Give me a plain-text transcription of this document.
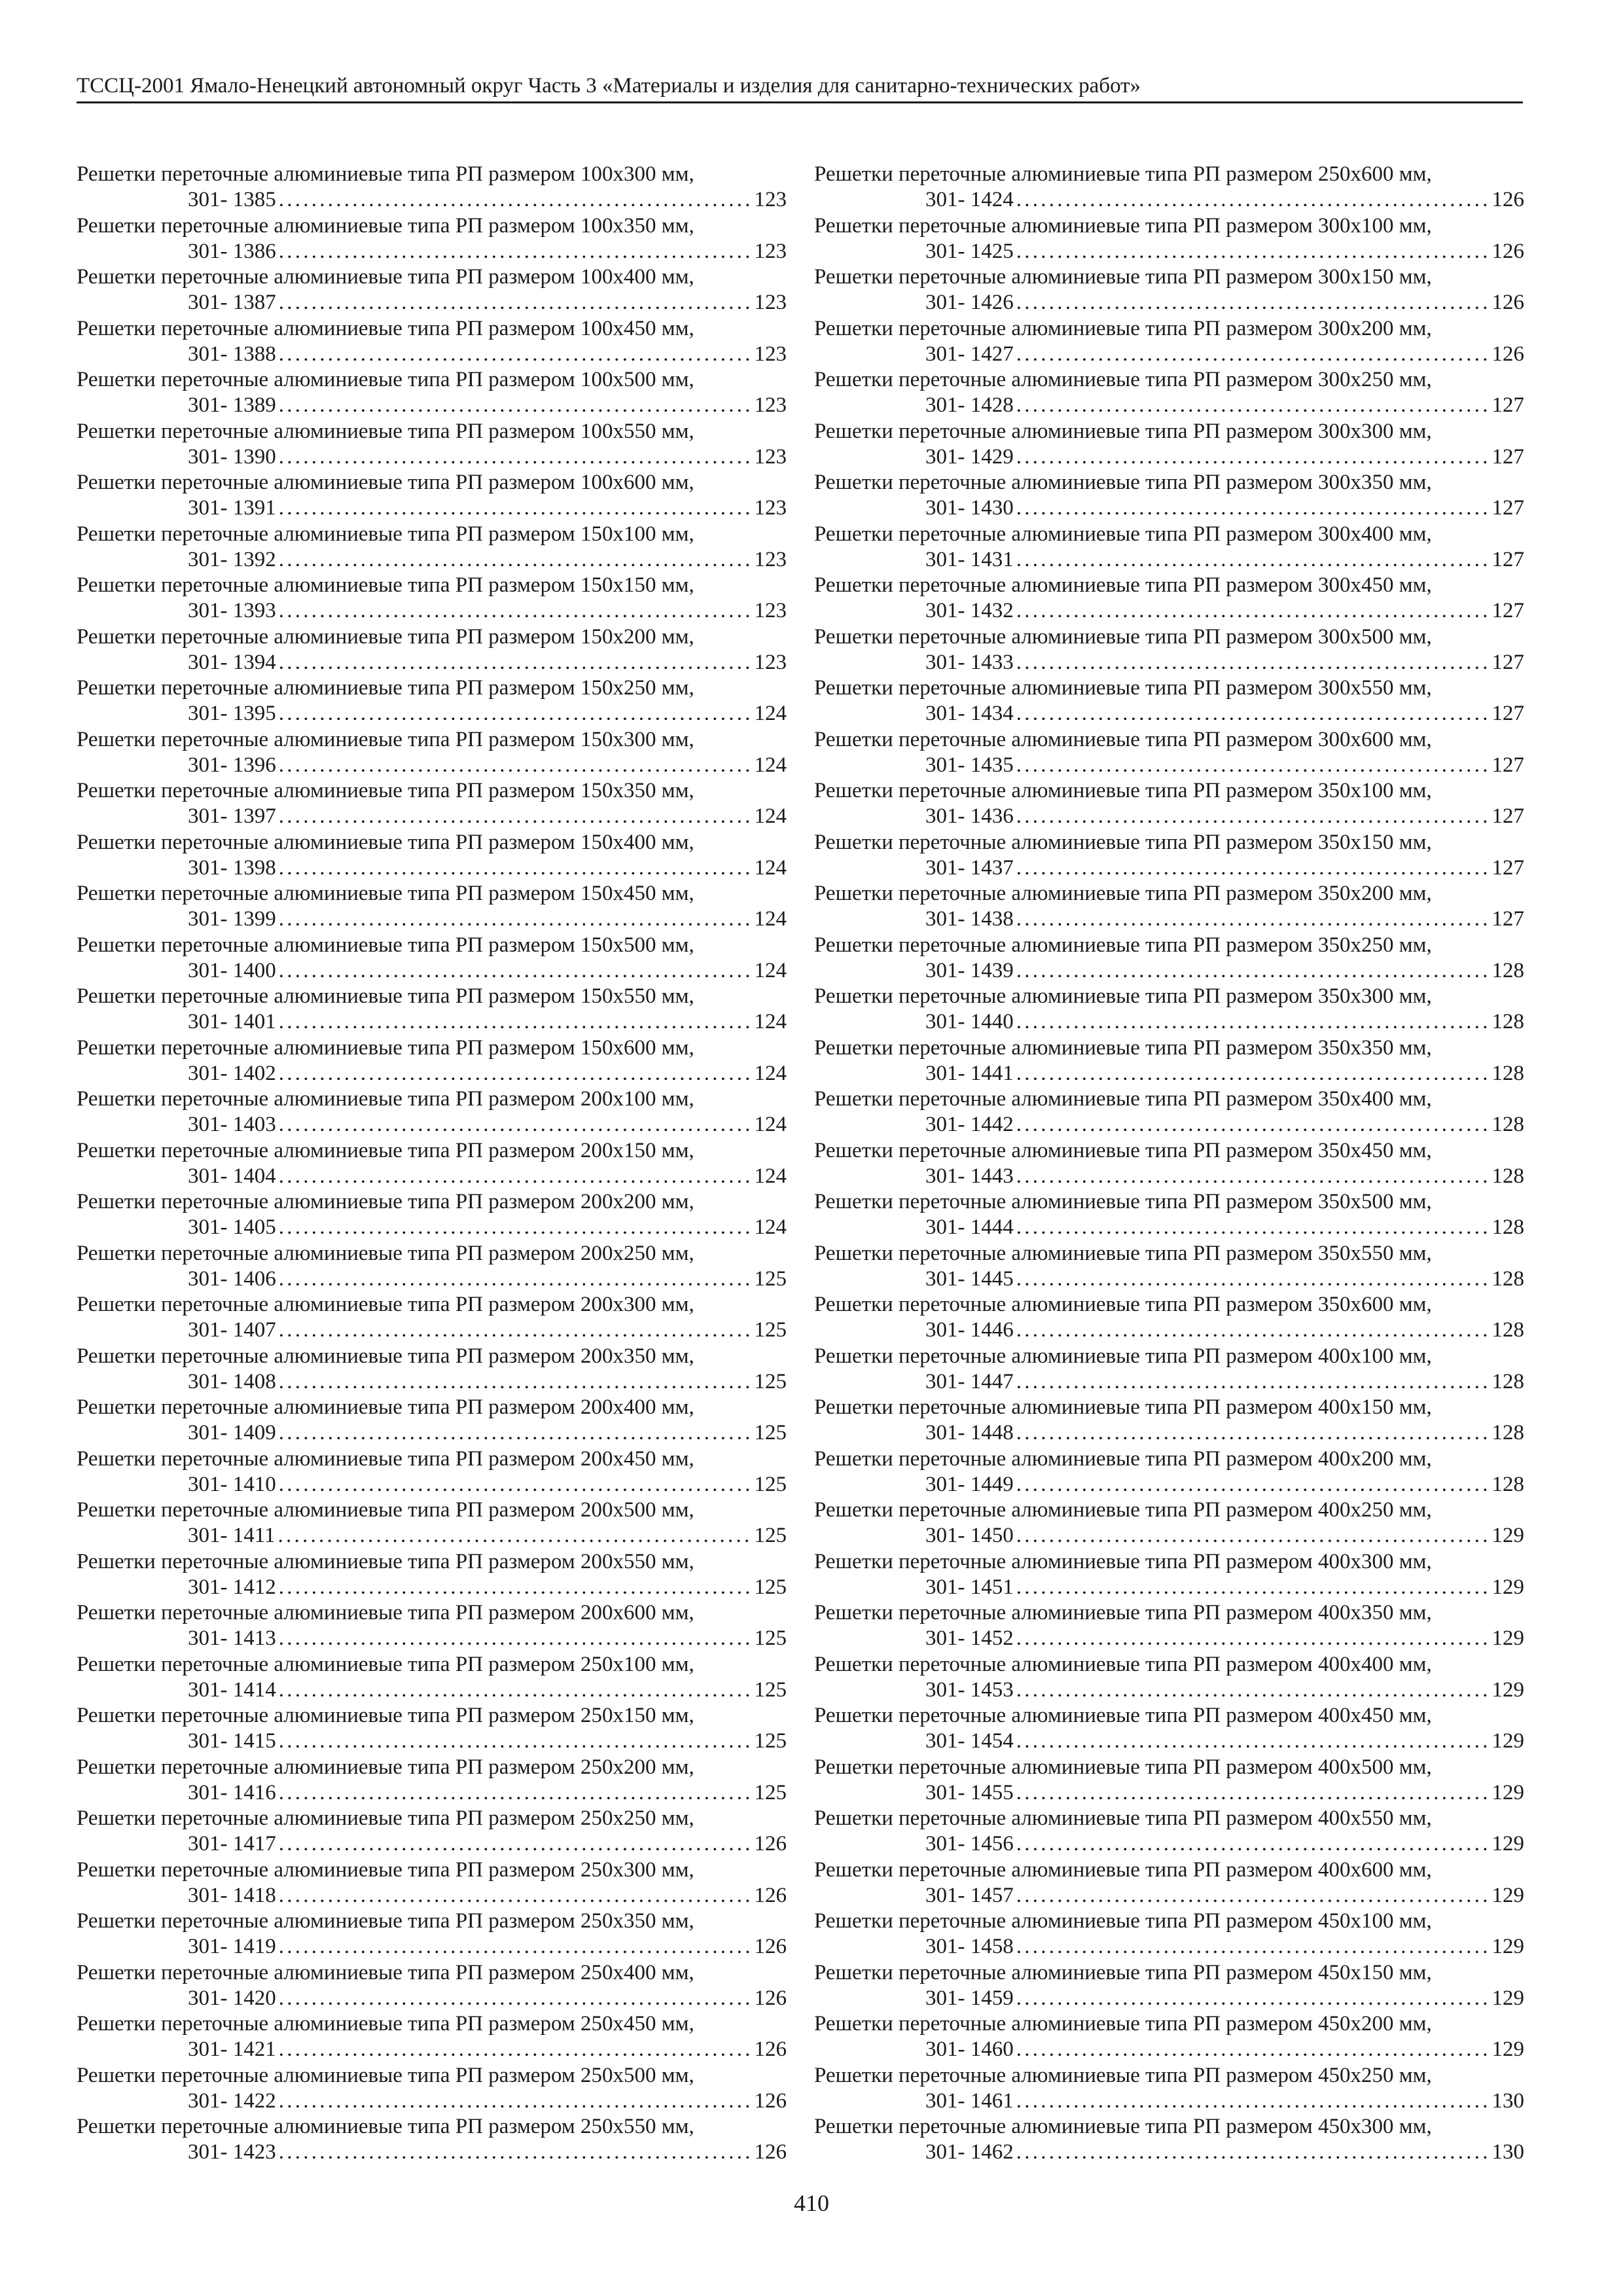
ТССЦ-2001 Ямало-Ненецкий автономный округ Часть 3 «Материалы и изделия для санитарно-технических работ»
Решетки переточные алюминиевые типа РП размером 100x300 мм,
301- 1385 . . .	123
Решетки переточные алюминиевые типа РП размером 100x350 мм,
301- 1386 . . .	123
Решетки переточные алюминиевые типа РП размером 100x400 мм,
301- 1387 . . .	123
Решетки переточные алюминиевые типа РП размером 100x450 мм,
301- 1388 . . .	123
Решетки переточные алюминиевые типа РП размером 100x500 мм,
301- 1389 . . .	123
Решетки переточные алюминиевые типа РП размером 100x550 мм,
301- 1390 . . .	123
Решетки переточные алюминиевые типа РП размером 100x600 мм,
301- 1391 . . .	123
Решетки переточные алюминиевые типа РП размером 150x100 мм,
301- 1392 . . .	123
Решетки переточные алюминиевые типа РП размером 150x150 мм,
301- 1393 . . .	123
Решетки переточные алюминиевые типа РП размером 150x200 мм,
301- 1394 . . .	123
Решетки переточные алюминиевые типа РП размером 150x250 мм,
301- 1395 . . .	124
Решетки переточные алюминиевые типа РП размером 150x300 мм,
301- 1396 . . .	124
Решетки переточные алюминиевые типа РП размером 150x350 мм,
301- 1397 . . .	124
Решетки переточные алюминиевые типа РП размером 150x400 мм,
301- 1398 . . .	124
Решетки переточные алюминиевые типа РП размером 150x450 мм,
301- 1399 . . .	124
Решетки переточные алюминиевые типа РП размером 150x500 мм,
301- 1400 . . .	124
Решетки переточные алюминиевые типа РП размером 150x550 мм,
301- 1401 . . .	124
Решетки переточные алюминиевые типа РП размером 150x600 мм,
301- 1402 . . .	124
Решетки переточные алюминиевые типа РП размером 200x100 мм,
301- 1403 . . .	124
Решетки переточные алюминиевые типа РП размером 200x150 мм,
301- 1404 . . .	124
Решетки переточные алюминиевые типа РП размером 200x200 мм,
301- 1405 . . .	124
Решетки переточные алюминиевые типа РП размером 200x250 мм,
301- 1406 . . .	125
Решетки переточные алюминиевые типа РП размером 200x300 мм,
301- 1407 . . .	125
Решетки переточные алюминиевые типа РП размером 200x350 мм,
301- 1408 . . .	125
Решетки переточные алюминиевые типа РП размером 200x400 мм,
301- 1409 . . .	125
Решетки переточные алюминиевые типа РП размером 200x450 мм,
301- 1410 . . .	125
Решетки переточные алюминиевые типа РП размером 200x500 мм,
301- 1411 . . .	125
Решетки переточные алюминиевые типа РП размером 200x550 мм,
301- 1412 . . .	125
Решетки переточные алюминиевые типа РП размером 200x600 мм,
301- 1413 . . .	125
Решетки переточные алюминиевые типа РП размером 250x100 мм,
301- 1414 . . .	125
Решетки переточные алюминиевые типа РП размером 250x150 мм,
301- 1415 . . .	125
Решетки переточные алюминиевые типа РП размером 250x200 мм,
301- 1416 . . .	125
Решетки переточные алюминиевые типа РП размером 250x250 мм,
301- 1417 . . .	126
Решетки переточные алюминиевые типа РП размером 250x300 мм,
301- 1418 . . .	126
Решетки переточные алюминиевые типа РП размером 250x350 мм,
301- 1419 . . .	126
Решетки переточные алюминиевые типа РП размером 250x400 мм,
301- 1420 . . .	126
Решетки переточные алюминиевые типа РП размером 250x450 мм,
301- 1421 . . .	126
Решетки переточные алюминиевые типа РП размером 250x500 мм,
301- 1422 . . .	126
Решетки переточные алюминиевые типа РП размером 250x550 мм,
301- 1423 . . .	126
Решетки переточные алюминиевые типа РП размером 250x600 мм,
301- 1424 . . .	126
Решетки переточные алюминиевые типа РП размером 300x100 мм,
301- 1425 . . .	126
Решетки переточные алюминиевые типа РП размером 300x150 мм,
301- 1426 . . .	126
Решетки переточные алюминиевые типа РП размером 300x200 мм,
301- 1427 . . .	126
Решетки переточные алюминиевые типа РП размером 300x250 мм,
301- 1428 . . .	127
Решетки переточные алюминиевые типа РП размером 300x300 мм,
301- 1429 . . .	127
Решетки переточные алюминиевые типа РП размером 300x350 мм,
301- 1430 . . .	127
Решетки переточные алюминиевые типа РП размером 300x400 мм,
301- 1431 . . .	127
Решетки переточные алюминиевые типа РП размером 300x450 мм,
301- 1432 . . .	127
Решетки переточные алюминиевые типа РП размером 300x500 мм,
301- 1433 . . .	127
Решетки переточные алюминиевые типа РП размером 300x550 мм,
301- 1434 . . .	127
Решетки переточные алюминиевые типа РП размером 300x600 мм,
301- 1435 . . .	127
Решетки переточные алюминиевые типа РП размером 350x100 мм,
301- 1436 . . .	127
Решетки переточные алюминиевые типа РП размером 350x150 мм,
301- 1437 . . .	127
Решетки переточные алюминиевые типа РП размером 350x200 мм,
301- 1438 . . .	127
Решетки переточные алюминиевые типа РП размером 350x250 мм,
301- 1439 . . .	128
Решетки переточные алюминиевые типа РП размером 350x300 мм,
301- 1440 . . .	128
Решетки переточные алюминиевые типа РП размером 350x350 мм,
301- 1441 . . .	128
Решетки переточные алюминиевые типа РП размером 350x400 мм,
301- 1442 . . .	128
Решетки переточные алюминиевые типа РП размером 350x450 мм,
301- 1443 . . .	128
Решетки переточные алюминиевые типа РП размером 350x500 мм,
301- 1444 . . .	128
Решетки переточные алюминиевые типа РП размером 350x550 мм,
301- 1445 . . .	128
Решетки переточные алюминиевые типа РП размером 350x600 мм,
301- 1446 . . .	128
Решетки переточные алюминиевые типа РП размером 400x100 мм,
301- 1447 . . .	128
Решетки переточные алюминиевые типа РП размером 400x150 мм,
301- 1448 . . .	128
Решетки переточные алюминиевые типа РП размером 400x200 мм,
301- 1449 . . .	128
Решетки переточные алюминиевые типа РП размером 400x250 мм,
301- 1450 . . .	129
Решетки переточные алюминиевые типа РП размером 400x300 мм,
301- 1451 . . .	129
Решетки переточные алюминиевые типа РП размером 400x350 мм,
301- 1452 . . .	129
Решетки переточные алюминиевые типа РП размером 400x400 мм,
301- 1453 . . .	129
Решетки переточные алюминиевые типа РП размером 400x450 мм,
301- 1454 . . .	129
Решетки переточные алюминиевые типа РП размером 400x500 мм,
301- 1455 . . .	129
Решетки переточные алюминиевые типа РП размером 400x550 мм,
301- 1456 . . .	129
Решетки переточные алюминиевые типа РП размером 400x600 мм,
301- 1457 . . .	129
Решетки переточные алюминиевые типа РП размером 450x100 мм,
301- 1458 . . .	129
Решетки переточные алюминиевые типа РП размером 450x150 мм,
301- 1459 . . .	129
Решетки переточные алюминиевые типа РП размером 450x200 мм,
301- 1460 . . .	129
Решетки переточные алюминиевые типа РП размером 450x250 мм,
301- 1461 . . .	130
Решетки переточные алюминиевые типа РП размером 450x300 мм,
301- 1462 . . .	130
410
